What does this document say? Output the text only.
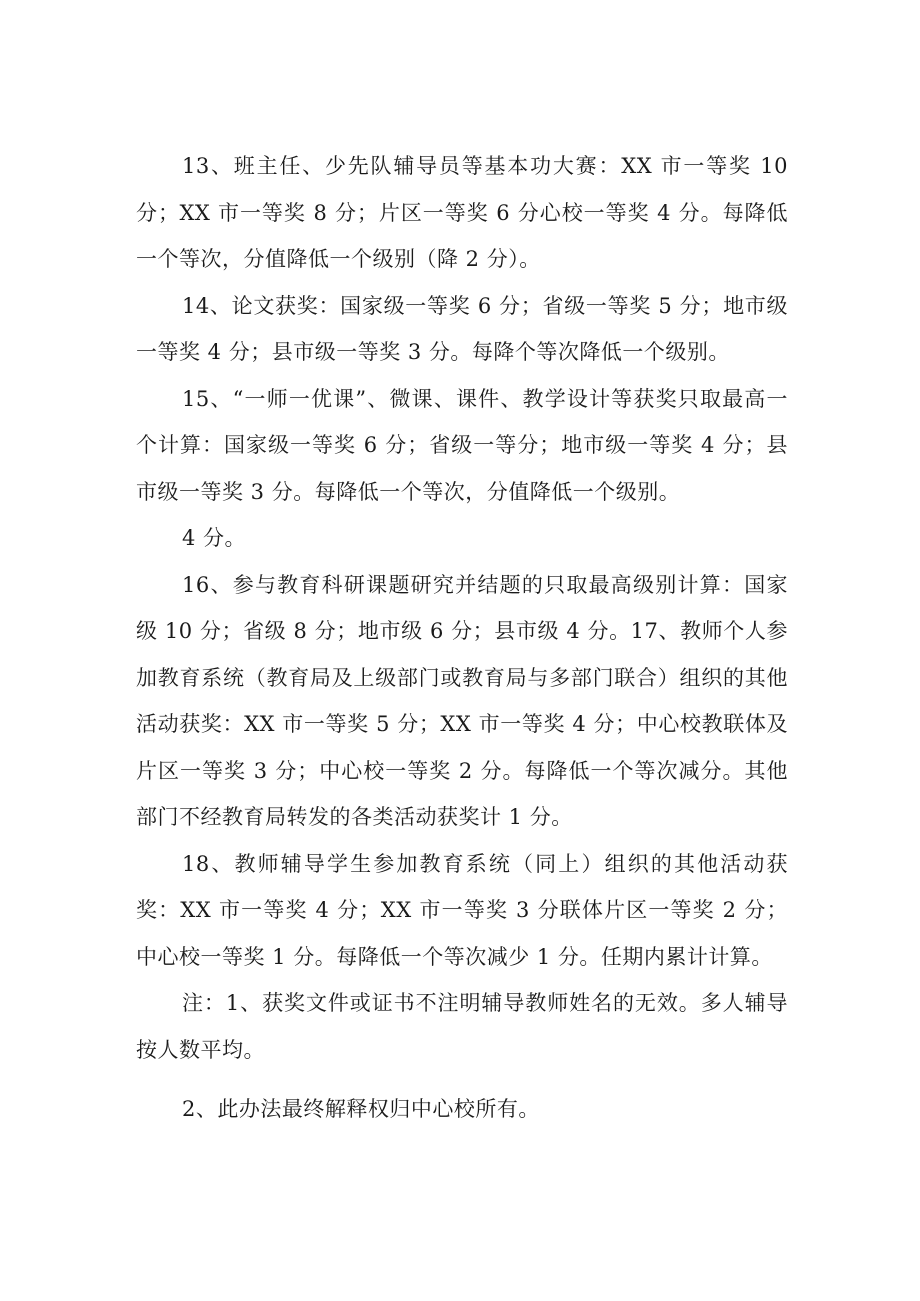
13、班主任、少先队辅导员等基本功大赛：XX 市一等奖 10 分；XX 市一等奖 8 分；片区一等奖 6 分心校一等奖 4 分。每降低一个等次，分值降低一个级别（降 2 分）。

14、论文获奖：国家级一等奖 6 分；省级一等奖 5 分；地市级一等奖 4 分；县市级一等奖 3 分。每降个等次降低一个级别。

15、“一师一优课”、微课、课件、教学设计等获奖只取最高一个计算：国家级一等奖 6 分；省级一等分；地市级一等奖 4 分；县市级一等奖 3 分。每降低一个等次，分值降低一个级别。

4 分。

16、参与教育科研课题研究并结题的只取最高级别计算：国家级 10 分；省级 8 分；地市级 6 分；县市级 4 分。17、教师个人参加教育系统（教育局及上级部门或教育局与多部门联合）组织的其他活动获奖：XX 市一等奖 5 分；XX 市一等奖 4 分；中心校教联体及片区一等奖 3 分；中心校一等奖 2 分。每降低一个等次减分。其他部门不经教育局转发的各类活动获奖计 1 分。

18、教师辅导学生参加教育系统（同上）组织的其他活动获奖：XX 市一等奖 4 分；XX 市一等奖 3 分联体片区一等奖 2 分；中心校一等奖 1 分。每降低一个等次减少 1 分。任期内累计计算。

注：1、获奖文件或证书不注明辅导教师姓名的无效。多人辅导按人数平均。

2、此办法最终解释权归中心校所有。
